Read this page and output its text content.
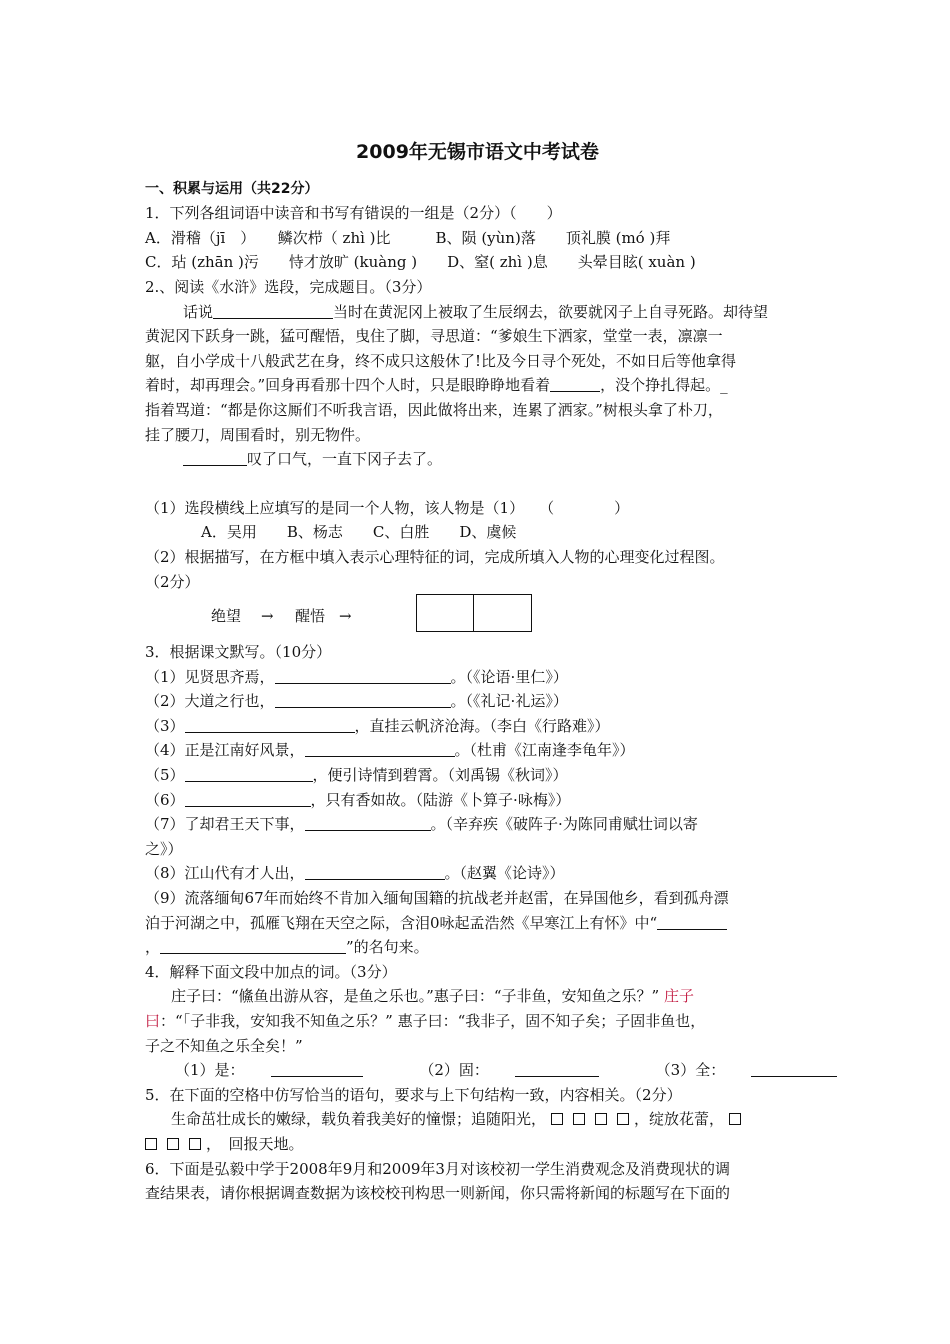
2009年无锡市语文中考试卷
一、积累与运用（共22分）
1．下列各组词语中读音和书写有错误的一组是（2分）（　　）
A．滑稽（jī　）　　鳞次栉（ zhì )比　　　B、陨 (yùn)落　　顶礼膜 (mó )拜
C．玷 (zhān )污　　恃才放旷 (kuàng )　　D、窒( zhì )息　　头晕目眩( xuàn )
2.、阅读《水浒》选段，完成题目。（3分）
话说	当时在黄泥冈上被取了生辰纲去，欲要就冈子上自寻死路。却待望
黄泥冈下跃身一跳，猛可醒悟，曳住了脚，寻思道：“爹娘生下洒家，堂堂一表，凛凛一
躯，自小学成十八般武艺在身，终不成只这般休了!比及今日寻个死处，不如日后等他拿得
着时，却再理会。”回身再看那十四个人时，只是眼睁睁地看着	，没个挣扎得起。_
指着骂道：“都是你这厮们不听我言语，因此做将出来，连累了洒家。”树根头拿了朴刀，
挂了腰刀，周围看时，别无物件。
叹了口气，一直下冈子去了。
（1）选段横线上应填写的是同一个人物，该人物是（1）　　（　　　　）
A．吴用　　B、杨志　　C、白胜　　D、虞候
（2）根据描写，在方框中填入表示心理特征的词，完成所填入人物的心理变化过程图。
（2分）
绝望 → 醒悟 →
3．根据课文默写。（10分）
（1）见贤思齐焉，	。（《论语·里仁》）
（2）大道之行也，	。（《礼记·礼运》）
（3）	，直挂云帆济沧海。（李白《行路难》）
（4）正是江南好风景，	。（杜甫《江南逢李龟年》）
（5）	，便引诗情到碧霄。（刘禹锡《秋词》）
（6）	，只有香如故。（陆游《卜算子·咏梅》）
（7）了却君王天下事，	。（辛弃疾《破阵子·为陈同甫赋壮词以寄
之》）
（8）江山代有才人出，	。（赵翼《论诗》）
（9）流落缅甸67年而始终不肯加入缅甸国籍的抗战老并赵雷，在异国他乡，看到孤舟漂
泊于河湖之中，孤雁飞翔在天空之际，含泪0咏起孟浩然《早寒江上有怀》中“
，	”的名句来。
4．解释下面文段中加点的词。（3分）
庄子曰：“鯈鱼出游从容，是鱼之乐也。”惠子曰：“子非鱼，安知鱼之乐？” 庄子
曰：“「子非我，安知我不知鱼之乐？” 惠子曰：“我非子，固不知子矣；子固非鱼也，
子之不知鱼之乐全矣！”
（1）是：	（2）固：	（3）全：
5．在下面的空格中仿写恰当的语句，要求与上下句结构一致，内容相关。（2分）
生命茁壮成长的嫩绿，载负着我美好的憧憬；追随阳光，	，绽放花蕾，
，　回报天地。
6．下面是弘毅中学于2008年9月和2009年3月对该校初一学生消费观念及消费现状的调
查结果表，请你根据调查数据为该校校刊构思一则新闻，你只需将新闻的标题写在下面的
